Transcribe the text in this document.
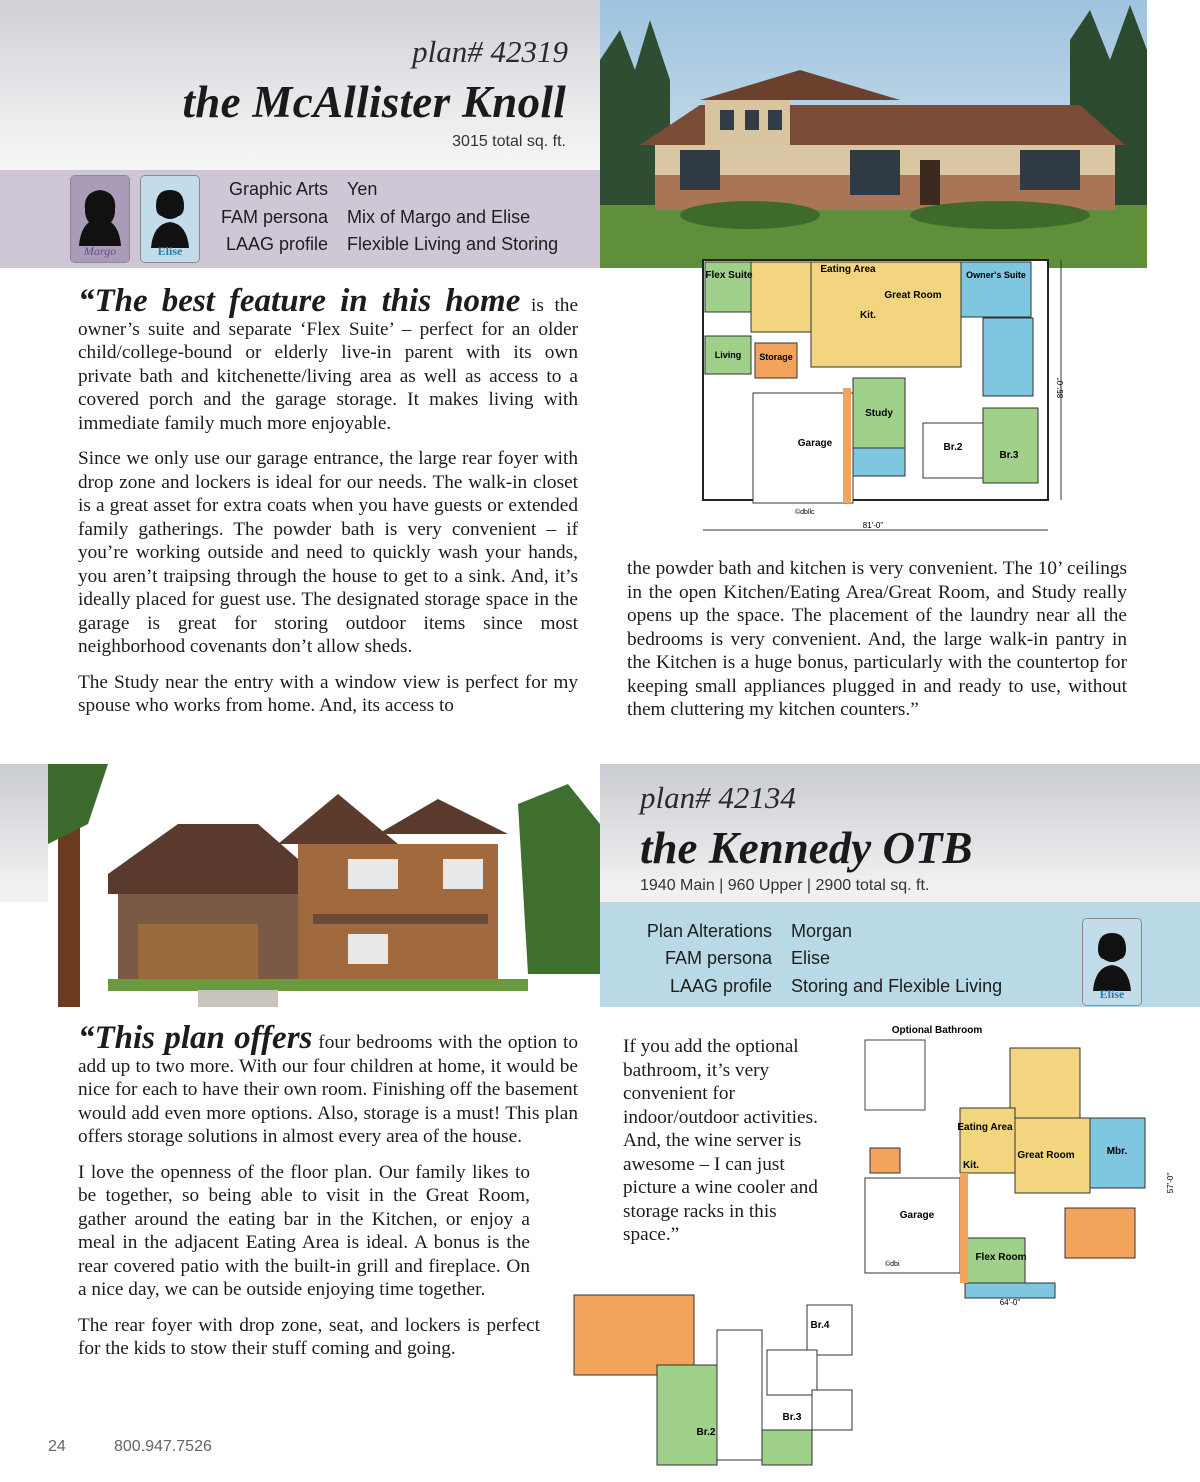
plan# 42319
the McAllister Knoll
3015 total sq. ft.
Margo	Elise
Graphic Arts Yen
FAM persona Mix of Margo and Elise
LAAG profile Flexible Living and Storing
Flex Suite
Eating Area
Great Room
Owner's Suite
Kit.
Living Storage
Study
Garage	Br.2
Br.3
81'-0"
85'-0"
©dbllc

“The best feature in this home is the owner’s suite and separate ‘Flex Suite’ – perfect for an older child/college-bound or elderly live-in parent with its own private bath and kitchenette/living area as well as access to a covered porch and the garage storage. It makes living with immediate family much more enjoyable.

Since we only use our garage entrance, the large rear foyer with drop zone and lockers is ideal for our needs. The walk-in closet is a great asset for extra coats when you have guests or extended family gatherings. The powder bath is very convenient – if you’re working outside and need to quickly wash your hands, you aren’t traipsing through the house to get to a sink. And, it’s ideally placed for guest use. The designated storage space in the garage is great for storing outdoor items since most neighborhood covenants don’t allow sheds.

The Study near the entry with a window view is perfect for my spouse who works from home. And, its access to

the powder bath and kitchen is very convenient. The 10’ ceilings in the open Kitchen/Eating Area/Great Room, and Study really opens up the space. The placement of the laundry near all the bedrooms is very convenient. And, the large walk-in pantry in the Kitchen is a huge bonus, particularly with the countertop for keeping small appliances plugged in and ready to use, without them cluttering my kitchen counters.”

Plan Alterations Morgan
FAM persona Elise
LAAG profile Storing and Flexible Living	Elise
plan# 42134
the Kennedy OTB
1940 Main | 960 Upper | 2900 total sq. ft.
Optional Bathroom
Eating Area
Great Room	Mbr.
Kit.
Garage
Flex Room
64'-0"
57'-0"
©dbi
Br.4
Br.2
Br.3

“This plan offers four bedrooms with the option to add up to two more. With our four children at home, it would be nice for each to have their own room. Finishing off the basement would add even more options. Also, storage is a must! This plan offers storage solutions in almost every area of the house.

I love the openness of the floor plan. Our family likes to be together, so being able to visit in the Great Room, gather around the eating bar in the Kitchen, or enjoy a meal in the adjacent Eating Area is ideal. A bonus is the rear covered patio with the built-in grill and fireplace. On a nice day, we can be outside enjoying time together.

The rear foyer with drop zone, seat, and lockers is perfect for the kids to stow their stuff coming and going.

If you add the optional bathroom, it’s very convenient for indoor/outdoor activities. And, the wine server is awesome – I can just picture a wine cooler and storage racks in this space.”

24	800.947.7526
